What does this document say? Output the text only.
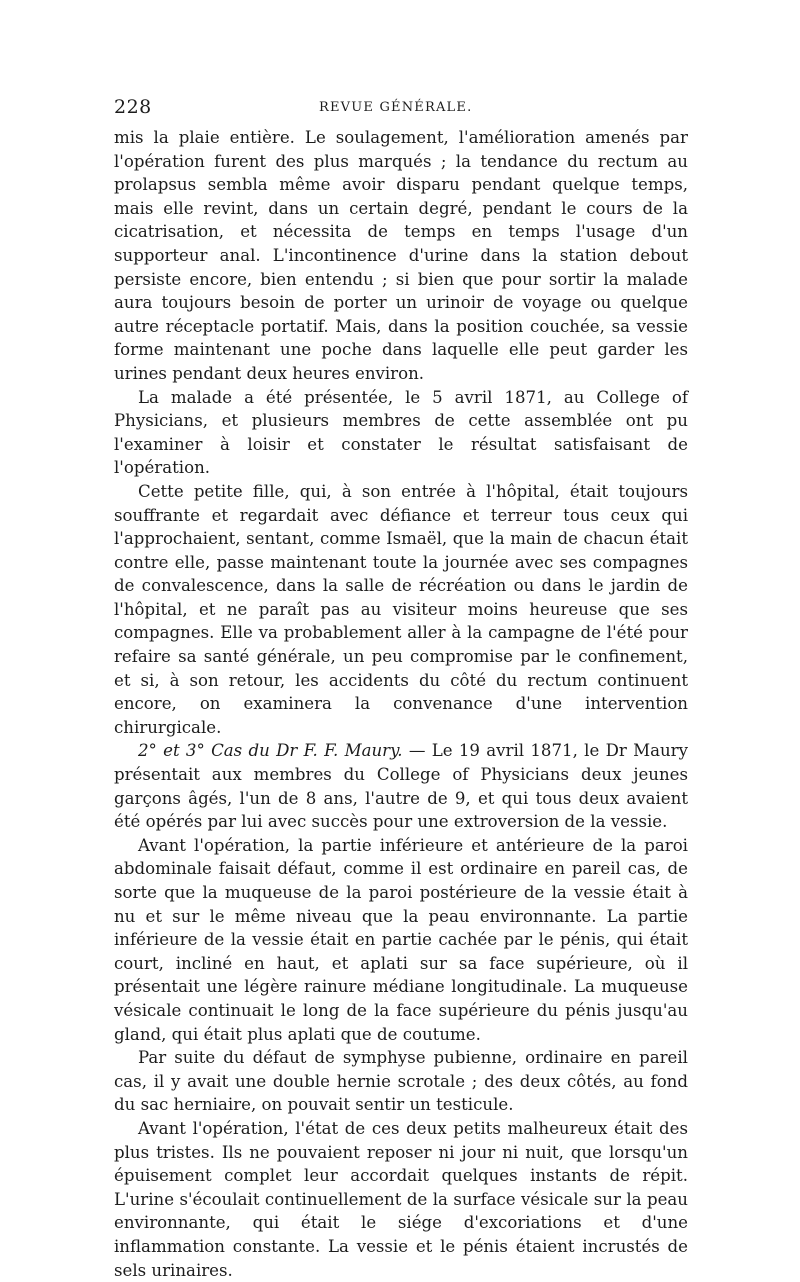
228	REVUE GÉNÉRALE.

mis la plaie entière. Le soulagement, l'amélioration amenés par l'opération furent des plus marqués ; la tendance du rectum au prolapsus sembla même avoir disparu pendant quelque temps, mais elle revint, dans un certain degré, pendant le cours de la cicatrisation, et nécessita de temps en temps l'usage d'un supporteur anal. L'incontinence d'urine dans la station debout persiste encore, bien entendu ; si bien que pour sortir la malade aura toujours besoin de porter un urinoir de voyage ou quelque autre réceptacle portatif. Mais, dans la position couchée, sa vessie forme maintenant une poche dans laquelle elle peut garder les urines pendant deux heures environ.

La malade a été présentée, le 5 avril 1871, au College of Physicians, et plusieurs membres de cette assemblée ont pu l'examiner à loisir et constater le résultat satisfaisant de l'opération.

Cette petite fille, qui, à son entrée à l'hôpital, était toujours souffrante et regardait avec défiance et terreur tous ceux qui l'approchaient, sentant, comme Ismaël, que la main de chacun était contre elle, passe maintenant toute la journée avec ses compagnes de convalescence, dans la salle de récréation ou dans le jardin de l'hôpital, et ne paraît pas au visiteur moins heureuse que ses compagnes. Elle va probablement aller à la campagne de l'été pour refaire sa santé générale, un peu compromise par le confinement, et si, à son retour, les accidents du côté du rectum continuent encore, on examinera la convenance d'une intervention chirurgicale.

2° et 3° Cas du Dr F. F. Maury. — Le 19 avril 1871, le Dr Maury présentait aux membres du College of Physicians deux jeunes garçons âgés, l'un de 8 ans, l'autre de 9, et qui tous deux avaient été opérés par lui avec succès pour une extroversion de la vessie.

Avant l'opération, la partie inférieure et antérieure de la paroi abdominale faisait défaut, comme il est ordinaire en pareil cas, de sorte que la muqueuse de la paroi postérieure de la vessie était à nu et sur le même niveau que la peau environnante. La partie inférieure de la vessie était en partie cachée par le pénis, qui était court, incliné en haut, et aplati sur sa face supérieure, où il présentait une légère rainure médiane longitudinale. La muqueuse vésicale continuait le long de la face supérieure du pénis jusqu'au gland, qui était plus aplati que de coutume.

Par suite du défaut de symphyse pubienne, ordinaire en pareil cas, il y avait une double hernie scrotale ; des deux côtés, au fond du sac herniaire, on pouvait sentir un testicule.

Avant l'opération, l'état de ces deux petits malheureux était des plus tristes. Ils ne pouvaient reposer ni jour ni nuit, que lorsqu'un épuisement complet leur accordait quelques instants de répit. L'urine s'écoulait continuellement de la surface vésicale sur la peau environnante, qui était le siége d'excoriations et d'une inflammation constante. La vessie et le pénis étaient incrustés de sels urinaires.
